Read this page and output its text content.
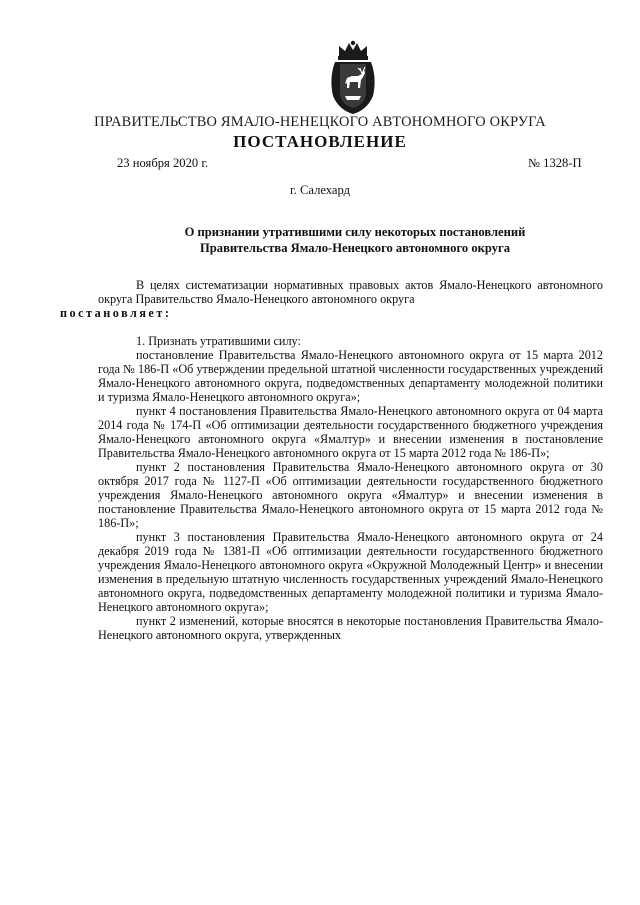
ПРАВИТЕЛЬСТВО ЯМАЛО-НЕНЕЦКОГО АВТОНОМНОГО ОКРУГА
ПОСТАНОВЛЕНИЕ
23 ноября 2020 г.	№ 1328-П
г. Салехард
О признании утратившими силу некоторых постановлений
Правительства Ямало-Ненецкого автономного округа

В целях систематизации нормативных правовых актов Ямало-Ненецкого автономного округа Правительство Ямало-Ненецкого автономного округа
постановляет:

1. Признать утратившими силу:

постановление Правительства Ямало-Ненецкого автономного округа от 15 марта 2012 года № 186-П «Об утверждении предельной штатной численности государственных учреждений Ямало-Ненецкого автономного округа, подведомственных департаменту молодежной политики и туризма Ямало-Ненецкого автономного округа»;

пункт 4 постановления Правительства Ямало-Ненецкого автономного округа от 04 марта 2014 года № 174-П «Об оптимизации деятельности государственного бюджетного учреждения Ямало-Ненецкого автономного округа «Ямалтур» и внесении изменения в постановление Правительства Ямало-Ненецкого автономного округа от 15 марта 2012 года № 186-П»;

пункт 2 постановления Правительства Ямало-Ненецкого автономного округа от 30 октября 2017 года № 1127-П «Об оптимизации деятельности государственного бюджетного учреждения Ямало-Ненецкого автономного округа «Ямалтур» и внесении изменения в постановление Правительства Ямало-Ненецкого автономного округа от 15 марта 2012 года № 186-П»;

пункт 3 постановления Правительства Ямало-Ненецкого автономного округа от 24 декабря 2019 года № 1381-П «Об оптимизации деятельности государственного бюджетного учреждения Ямало-Ненецкого автономного округа «Окружной Молодежный Центр» и внесении изменения в предельную штатную численность государственных учреждений Ямало-Ненецкого автономного округа, подведомственных департаменту молодежной политики и туризма Ямало-Ненецкого автономного округа»;

пункт 2 изменений, которые вносятся в некоторые постановления Правительства Ямало-Ненецкого автономного округа, утвержденных
